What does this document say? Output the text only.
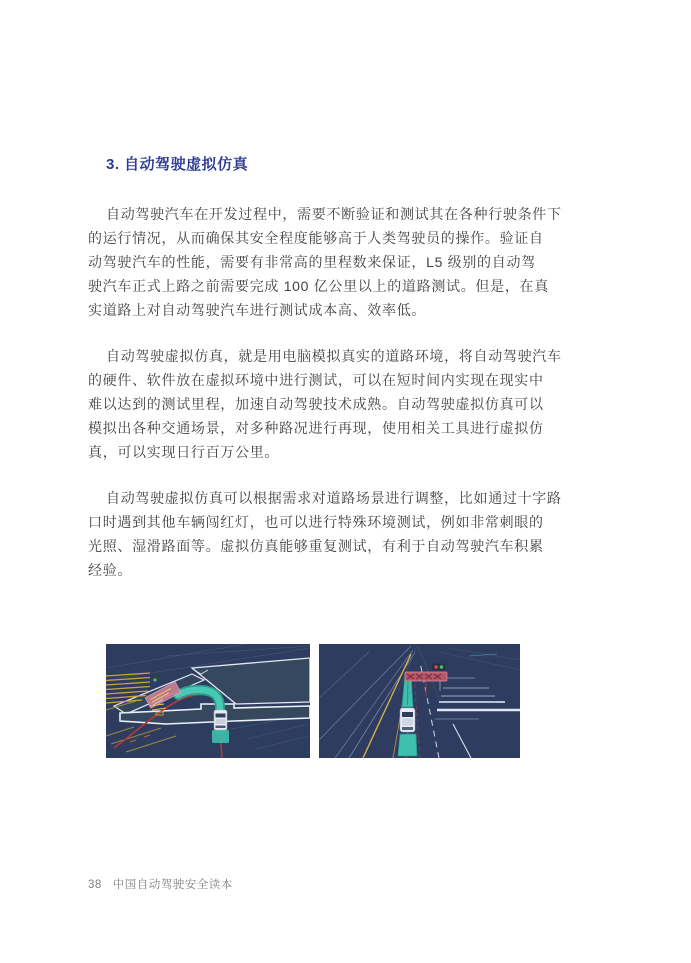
3. 自动驾驶虚拟仿真
自动驾驶汽车在开发过程中，需要不断验证和测试其在各种行驶条件下
的运行情况，从而确保其安全程度能够高于人类驾驶员的操作。验证自
动驾驶汽车的性能，需要有非常高的里程数来保证，L5 级别的自动驾
驶汽车正式上路之前需要完成 100 亿公里以上的道路测试。但是，在真
实道路上对自动驾驶汽车进行测试成本高、效率低。
自动驾驶虚拟仿真，就是用电脑模拟真实的道路环境，将自动驾驶汽车
的硬件、软件放在虚拟环境中进行测试，可以在短时间内实现在现实中
难以达到的测试里程，加速自动驾驶技术成熟。自动驾驶虚拟仿真可以
模拟出各种交通场景，对多种路况进行再现，使用相关工具进行虚拟仿
真，可以实现日行百万公里。
自动驾驶虚拟仿真可以根据需求对道路场景进行调整，比如通过十字路
口时遇到其他车辆闯红灯，也可以进行特殊环境测试，例如非常刺眼的
光照、湿滑路面等。虚拟仿真能够重复测试，有利于自动驾驶汽车积累
经验。
38 中国自动驾驶安全读本
